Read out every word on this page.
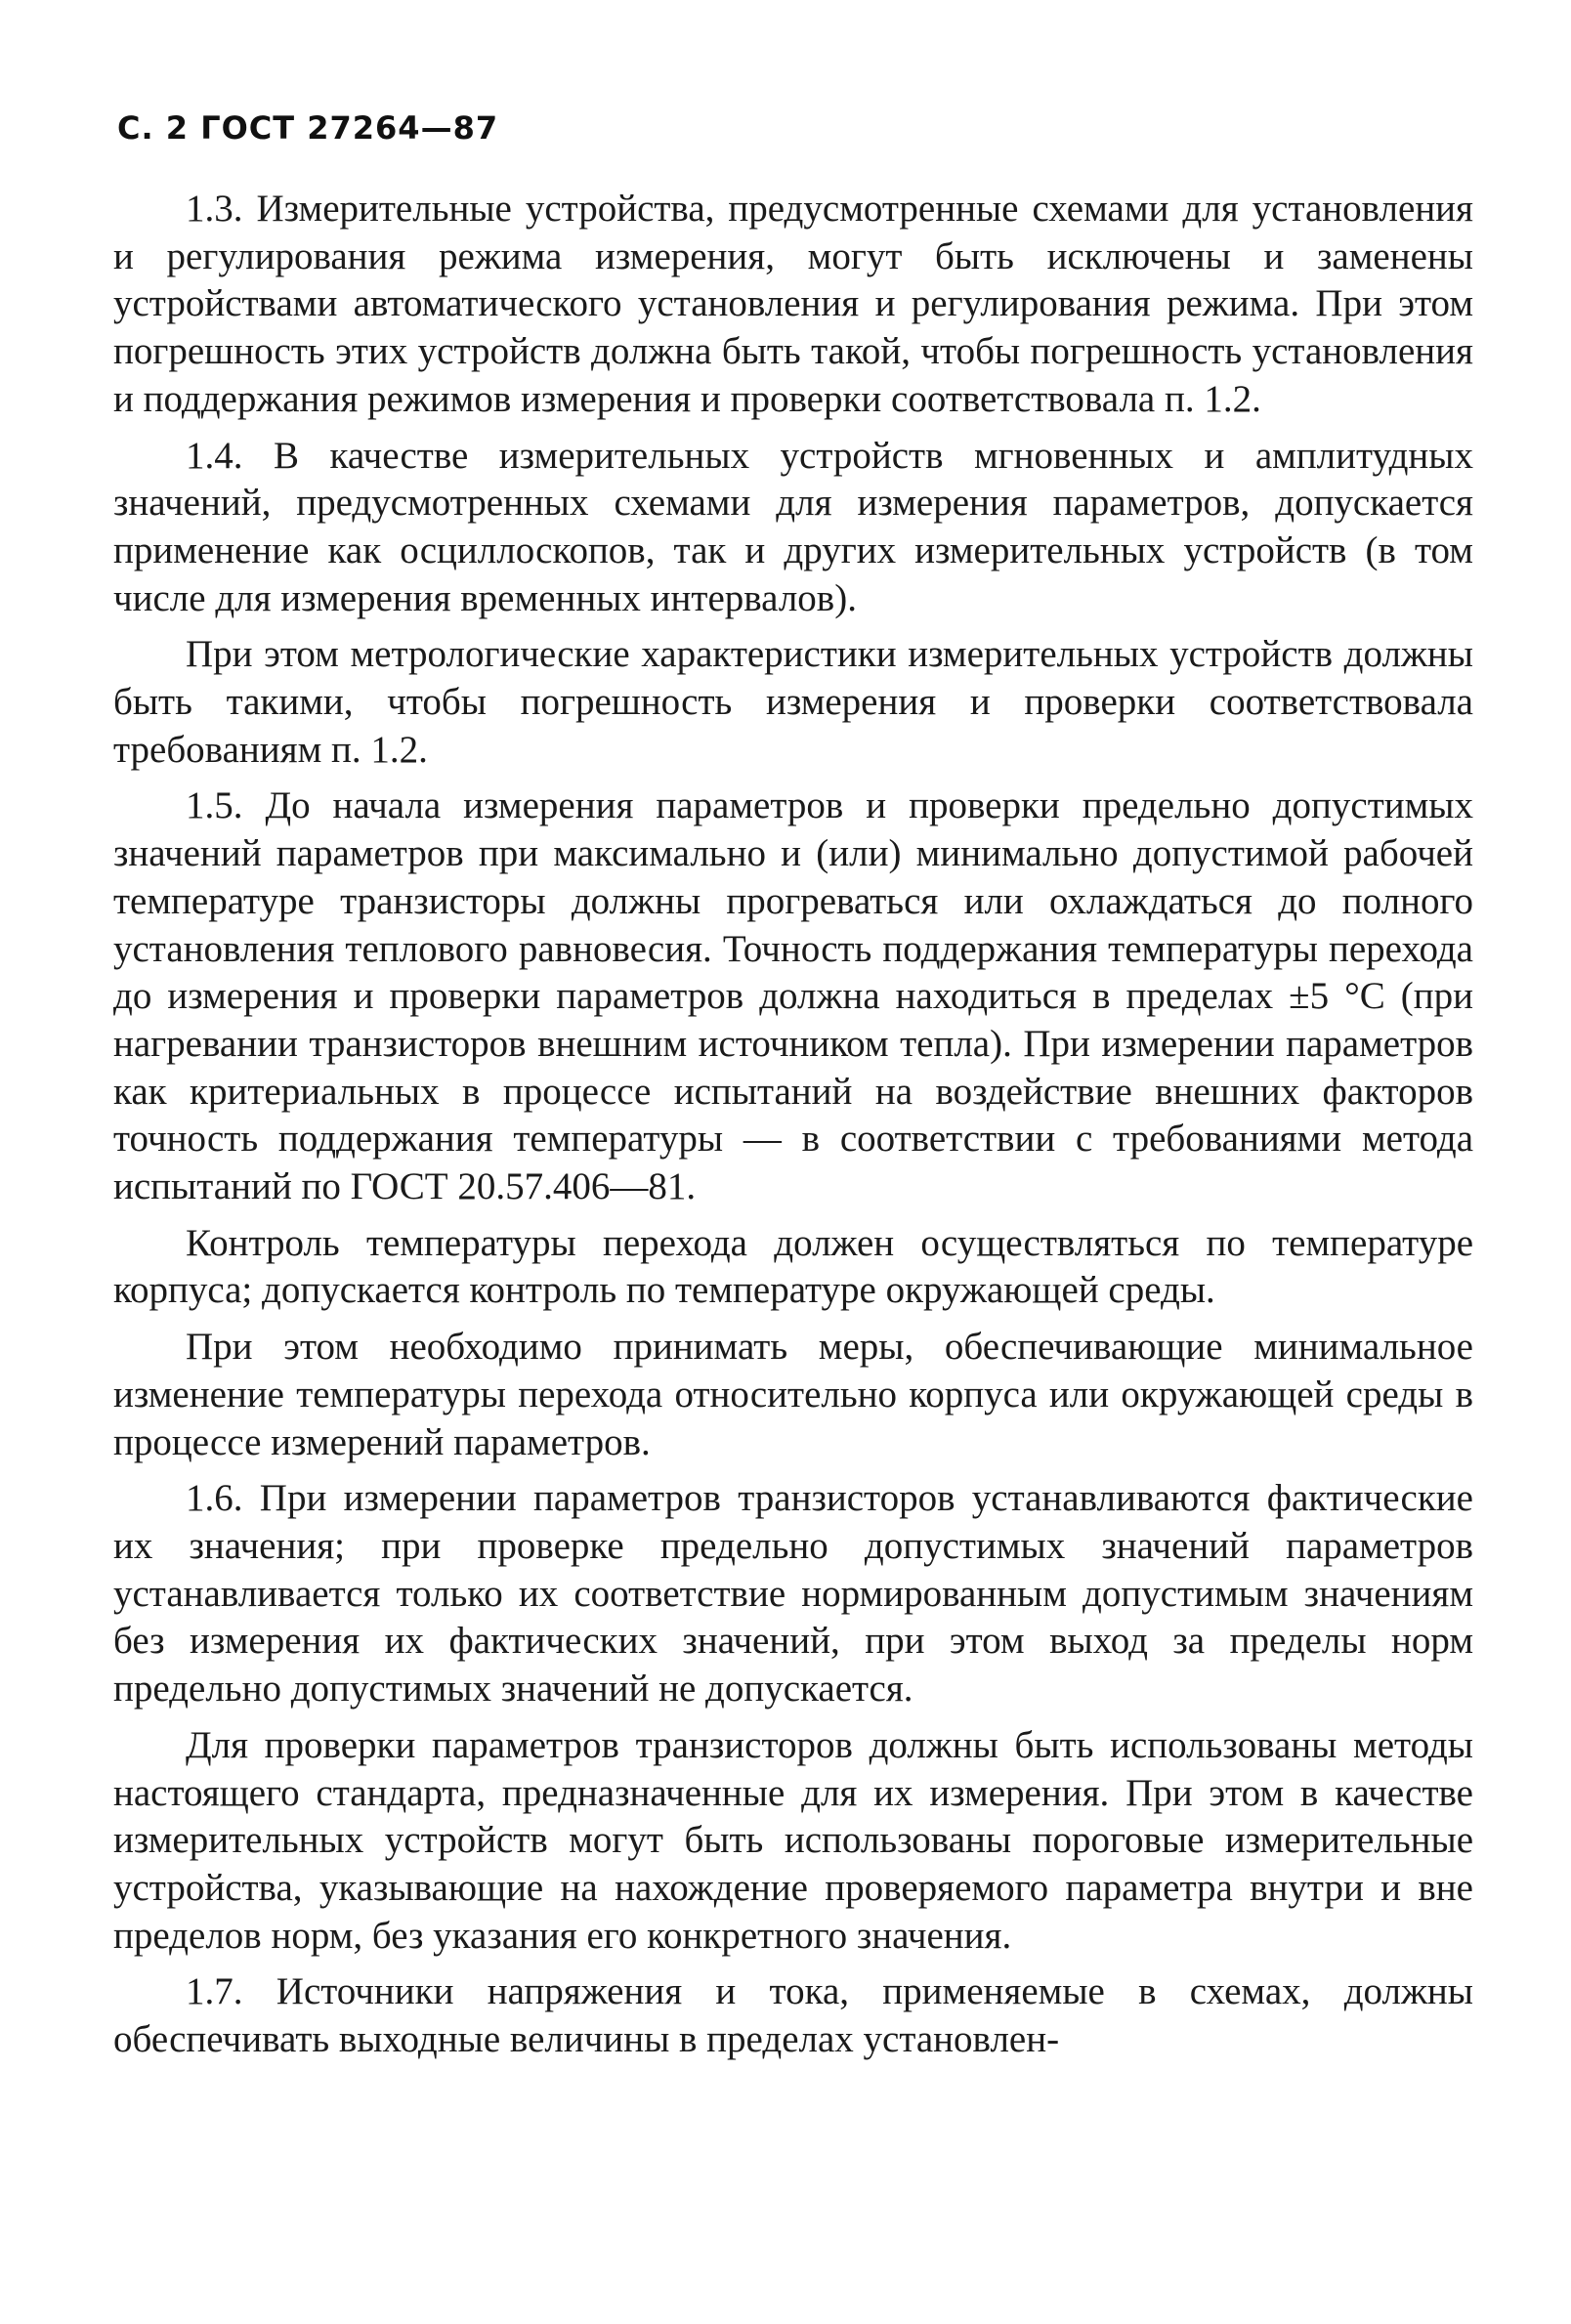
С. 2 ГОСТ 27264—87

1.3. Измерительные устройства, предусмотренные схемами для установления и регулирования режима измерения, могут быть исключены и заменены устройствами автоматического установления и регулирования режима. При этом погрешность этих устройств должна быть такой, чтобы погрешность установления и поддержания режимов измерения и проверки соответствовала п. 1.2.

1.4. В качестве измерительных устройств мгновенных и амплитудных значений, предусмотренных схемами для измерения параметров, допускается применение как осциллоскопов, так и других измерительных устройств (в том числе для измерения временных интервалов).

При этом метрологические характеристики измерительных устройств должны быть такими, чтобы погрешность измерения и проверки соответствовала требованиям п. 1.2.

1.5. До начала измерения параметров и проверки предельно допустимых значений параметров при максимально и (или) минимально допустимой рабочей температуре транзисторы должны прогреваться или охлаждаться до полного установления теплового равновесия. Точность поддержания температуры перехода до измерения и проверки параметров должна находиться в пределах ±5 °С (при нагревании транзисторов внешним источником тепла). При измерении параметров как критериальных в процессе испытаний на воздействие внешних факторов точность поддержания температуры — в соответствии с требованиями метода испытаний по ГОСТ 20.57.406—81.

Контроль температуры перехода должен осуществляться по температуре корпуса; допускается контроль по температуре окружающей среды.

При этом необходимо принимать меры, обеспечивающие минимальное изменение температуры перехода относительно корпуса или окружающей среды в процессе измерений параметров.

1.6. При измерении параметров транзисторов устанавливаются фактические их значения; при проверке предельно допустимых значений параметров устанавливается только их соответствие нормированным допустимым значениям без измерения их фактических значений, при этом выход за пределы норм предельно допустимых значений не допускается.

Для проверки параметров транзисторов должны быть использованы методы настоящего стандарта, предназначенные для их измерения. При этом в качестве измерительных устройств могут быть использованы пороговые измерительные устройства, указывающие на нахождение проверяемого параметра внутри и вне пределов норм, без указания его конкретного значения.

1.7. Источники напряжения и тока, применяемые в схемах, должны обеспечивать выходные величины в пределах установлен-
